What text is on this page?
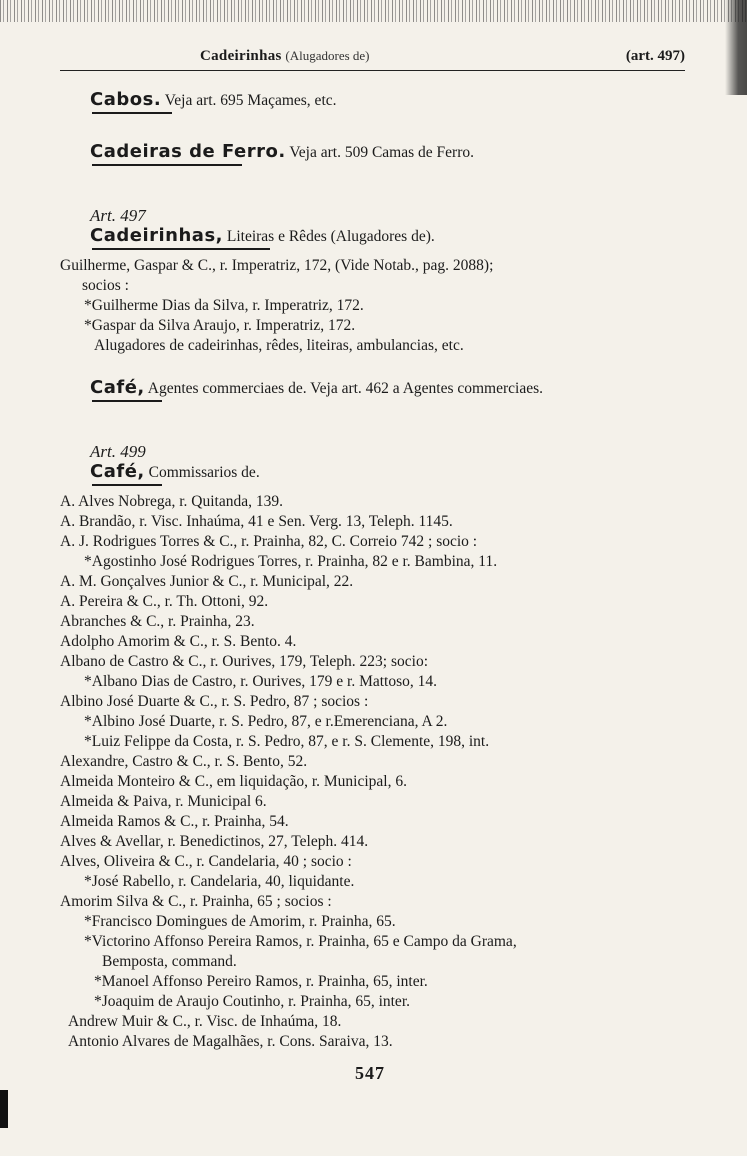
Cadeirinhas (Alugadores de)	(art. 497)
Cabos. Veja art. 695 Maçames, etc.
Cadeiras de Ferro. Veja art. 509 Camas de Ferro.
Art. 497
Cadeirinhas, Liteiras e Rêdes (Alugadores de).
Guilherme, Gaspar & C., r. Imperatriz, 172, (Vide Notab., pag. 2088);
socios :
*Guilherme Dias da Silva, r. Imperatriz, 172.
*Gaspar da Silva Araujo, r. Imperatriz, 172.
Alugadores de cadeirinhas, rêdes, liteiras, ambulancias, etc.
Café, Agentes commerciaes de. Veja art. 462 a Agentes commerciaes.
Art. 499
Café, Commissarios de.
A. Alves Nobrega, r. Quitanda, 139.
A. Brandão, r. Visc. Inhaúma, 41 e Sen. Verg. 13, Teleph. 1145.
A. J. Rodrigues Torres & C., r. Prainha, 82, C. Correio 742 ; socio :
*Agostinho José Rodrigues Torres, r. Prainha, 82 e r. Bambina, 11.
A. M. Gonçalves Junior & C., r. Municipal, 22.
A. Pereira & C., r. Th. Ottoni, 92.
Abranches & C., r. Prainha, 23.
Adolpho Amorim & C., r. S. Bento. 4.
Albano de Castro & C., r. Ourives, 179, Teleph. 223; socio:
*Albano Dias de Castro, r. Ourives, 179 e r. Mattoso, 14.
Albino José Duarte & C., r. S. Pedro, 87 ; socios :
*Albino José Duarte, r. S. Pedro, 87, e r.Emerenciana, A 2.
*Luiz Felippe da Costa, r. S. Pedro, 87, e r. S. Clemente, 198, int.
Alexandre, Castro & C., r. S. Bento, 52.
Almeida Monteiro & C., em liquidação, r. Municipal, 6.
Almeida & Paiva, r. Municipal 6.
Almeida Ramos & C., r. Prainha, 54.
Alves & Avellar, r. Benedictinos, 27, Teleph. 414.
Alves, Oliveira & C., r. Candelaria, 40 ; socio :
*José Rabello, r. Candelaria, 40, liquidante.
Amorim Silva & C., r. Prainha, 65 ; socios :
*Francisco Domingues de Amorim, r. Prainha, 65.
*Victorino Affonso Pereira Ramos, r. Prainha, 65 e Campo da Grama,
Bemposta, command.
*Manoel Affonso Pereiro Ramos, r. Prainha, 65, inter.
*Joaquim de Araujo Coutinho, r. Prainha, 65, inter.
Andrew Muir & C., r. Visc. de Inhaúma, 18.
Antonio Alvares de Magalhães, r. Cons. Saraiva, 13.
547
